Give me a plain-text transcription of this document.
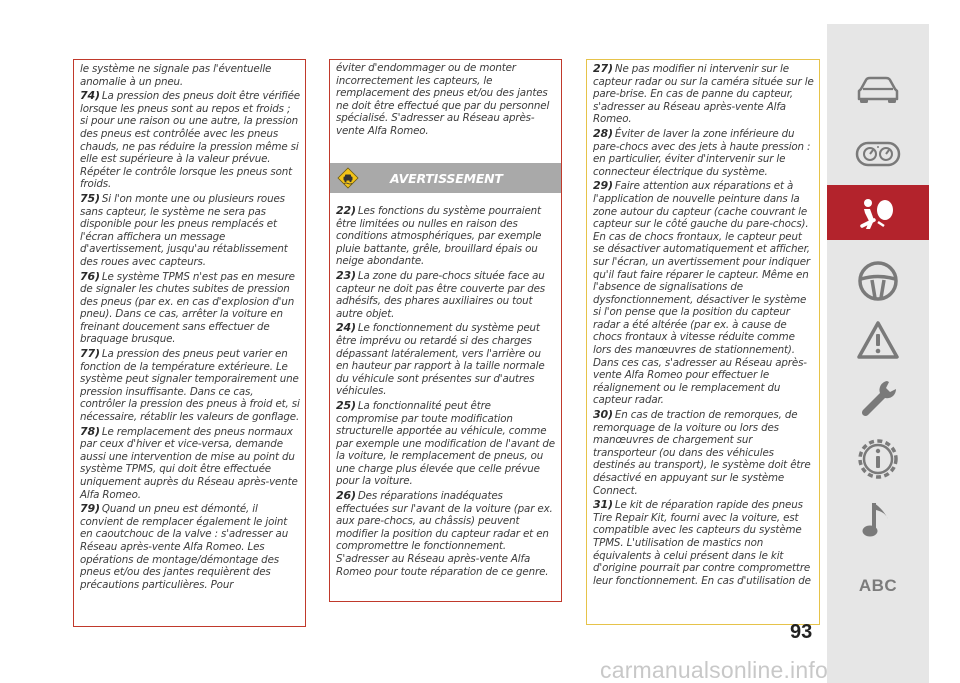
le système ne signale pas l'éventuelle anomalie à un pneu.
74) La pression des pneus doit être vérifiée lorsque les pneus sont au repos et froids ; si pour une raison ou une autre, la pression des pneus est contrôlée avec les pneus chauds, ne pas réduire la pression même si elle est supérieure à la valeur prévue. Répéter le contrôle lorsque les pneus sont froids.
75) Si l'on monte une ou plusieurs roues sans capteur, le système ne sera pas disponible pour les pneus remplacés et l'écran affichera un message d'avertissement, jusqu'au rétablissement des roues avec capteurs.
76) Le système TPMS n'est pas en mesure de signaler les chutes subites de pression des pneus (par ex. en cas d'explosion d'un pneu). Dans ce cas, arrêter la voiture en freinant doucement sans effectuer de braquage brusque.
77) La pression des pneus peut varier en fonction de la température extérieure. Le système peut signaler temporairement une pression insuffisante. Dans ce cas, contrôler la pression des pneus à froid et, si nécessaire, rétablir les valeurs de gonflage.
78) Le remplacement des pneus normaux par ceux d'hiver et vice-versa, demande aussi une intervention de mise au point du système TPMS, qui doit être effectuée uniquement auprès du Réseau après-vente Alfa Romeo.
79) Quand un pneu est démonté, il convient de remplacer également le joint en caoutchouc de la valve : s'adresser au Réseau après-vente Alfa Romeo. Les opérations de montage/démontage des pneus et/ou des jantes requièrent des précautions particulières. Pour
éviter d'endommager ou de monter incorrectement les capteurs, le remplacement des pneus et/ou des jantes ne doit être effectué que par du personnel spécialisé. S'adresser au Réseau après-vente Alfa Romeo.
AVERTISSEMENT
22) Les fonctions du système pourraient être limitées ou nulles en raison des conditions atmosphériques, par exemple pluie battante, grêle, brouillard épais ou neige abondante.
23) La zone du pare-chocs située face au capteur ne doit pas être couverte par des adhésifs, des phares auxiliaires ou tout autre objet.
24) Le fonctionnement du système peut être imprévu ou retardé si des charges dépassant latéralement, vers l'arrière ou en hauteur par rapport à la taille normale du véhicule sont présentes sur d'autres véhicules.
25) La fonctionnalité peut être compromise par toute modification structurelle apportée au véhicule, comme par exemple une modification de l'avant de la voiture, le remplacement de pneus, ou une charge plus élevée que celle prévue pour la voiture.
26) Des réparations inadéquates effectuées sur l'avant de la voiture (par ex. aux pare-chocs, au châssis) peuvent modifier la position du capteur radar et en compromettre le fonctionnement. S'adresser au Réseau après-vente Alfa Romeo pour toute réparation de ce genre.
27) Ne pas modifier ni intervenir sur le capteur radar ou sur la caméra située sur le pare-brise. En cas de panne du capteur, s'adresser au Réseau après-vente Alfa Romeo.
28) Éviter de laver la zone inférieure du pare-chocs avec des jets à haute pression : en particulier, éviter d'intervenir sur le connecteur électrique du système.
29) Faire attention aux réparations et à l'application de nouvelle peinture dans la zone autour du capteur (cache couvrant le capteur sur le côté gauche du pare-chocs). En cas de chocs frontaux, le capteur peut se désactiver automatiquement et afficher, sur l'écran, un avertissement pour indiquer qu'il faut faire réparer le capteur. Même en l'absence de signalisations de dysfonctionnement, désactiver le système si l'on pense que la position du capteur radar a été altérée (par ex. à cause de chocs frontaux à vitesse réduite comme lors des manœuvres de stationnement). Dans ces cas, s'adresser au Réseau après-vente Alfa Romeo pour effectuer le réalignement ou le remplacement du capteur radar.
30) En cas de traction de remorques, de remorquage de la voiture ou lors des manœuvres de chargement sur transporteur (ou dans des véhicules destinés au transport), le système doit être désactivé en appuyant sur le système Connect.
31) Le kit de réparation rapide des pneus Tire Repair Kit, fourni avec la voiture, est compatible avec les capteurs du système TPMS. L'utilisation de mastics non équivalents à celui présent dans le kit d'origine pourrait par contre compromettre leur fonctionnement. En cas d'utilisation de	ABC
93
carmanualsonline.info
